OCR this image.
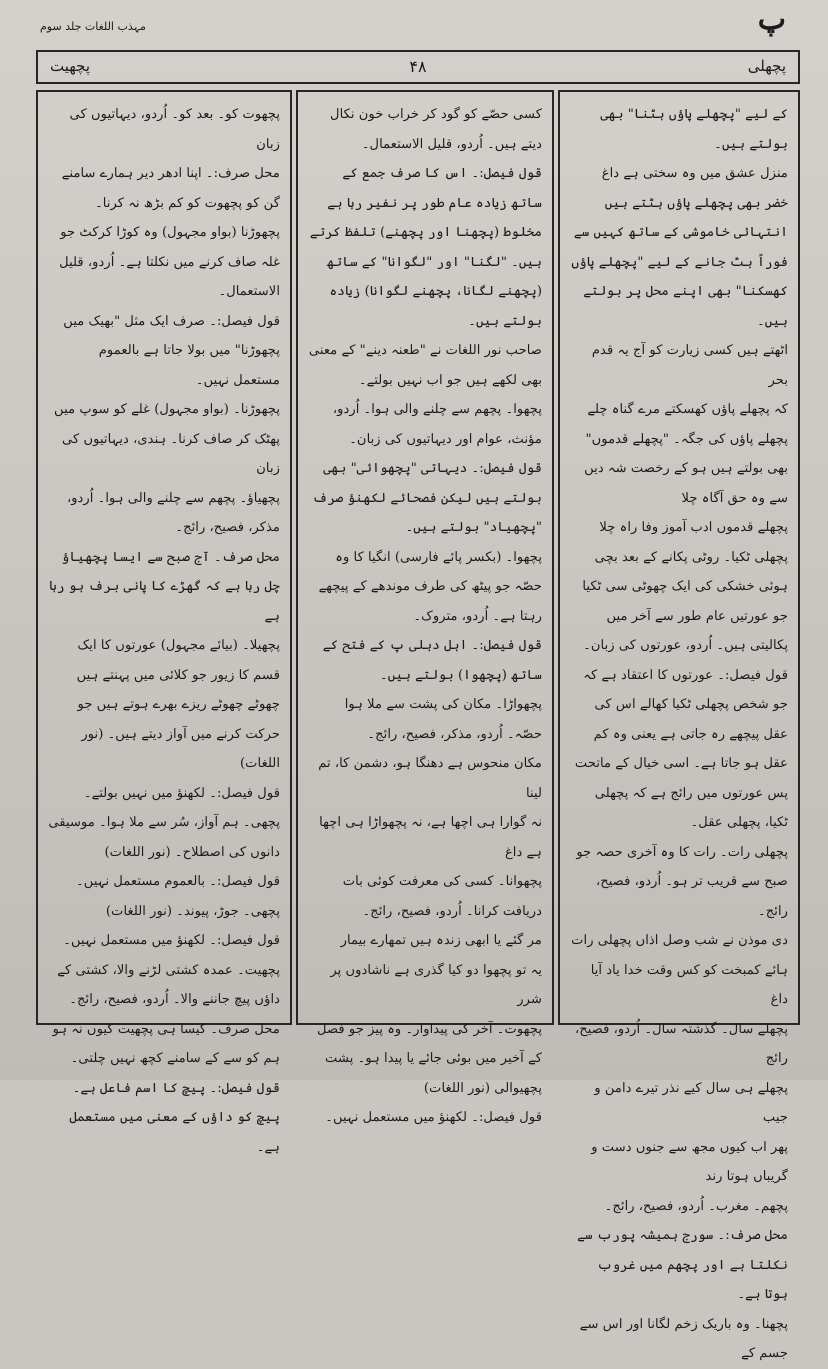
مہذب اللغات جلد سوم	پ
پچھلی
۴۸
پچھیت

کے لیے "پچھلے پاؤں ہٹنا" بھی بولتے ہیں۔

منزل عشق میں وہ سختی ہے داغ

خضر بھی پچھلے پاؤں ہٹتے ہیں

انتہائی خاموشی کے ساتھ کہیں سے فوراً ہٹ جانے کے لیے "پچھلے پاؤں کھسکنا" بھی اپنے محل پر بولتے ہیں۔

اٹھتے ہیں کسی زیارت کو آج یہ قدم بحر

کہ پچھلے پاؤں کھسکتے مرے گناہ چلے

پچھلے پاؤں کی جگہ۔ "پچھلے قدموں" بھی بولتے ہیں ہو کے رخصت شہ دیں سے وہ حق آگاہ چلا

پچھلے قدموں ادب آموز وفا راہ چلا

پچھلی ٹکیا۔ روٹی پکانے کے بعد بچی ہوئی خشکی کی ایک چھوٹی سی ٹکیا جو عورتیں عام طور سے آخر میں پکالیتی ہیں۔ اُردو، عورتوں کی زبان۔

قول فیصل:۔ عورتوں کا اعتقاد ہے کہ جو شخص پچھلی ٹکیا کھالے اس کی عقل پیچھے رہ جاتی ہے یعنی وہ کم عقل ہو جاتا ہے۔ اسی خیال کے ماتحت پس عورتوں میں رائج ہے کہ پچھلی ٹکیا، پچھلی عقل۔

پچھلی رات۔ رات کا وہ آخری حصہ جو صبح سے قریب تر ہو۔ اُردو، فصیح، رائج۔

دی موذن نے شب وصل اذاں پچھلی رات

ہائے کمبخت کو کس وقت خدا یاد آیا داغ

پچھلے سال۔ گذشتہ سال۔ اُردو، فصیح، رائج

پچھلے ہی سال کیے نذر تیرے دامن و جیب

پھر اب کیوں مجھ سے جنوں دست و گریباں ہوتا رند

پچھم۔ مغرب۔ اُردو، فصیح، رائج۔

محل صرف:۔ سورج ہمیشہ پورب سے نکلتا ہے اور پچھم میں غروب ہوتا ہے۔

پچھنا۔ وہ باریک زخم لگانا اور اس سے جسم کے

کسی حصّے کو گود کر خراب خون نکال دیتے ہیں۔ اُردو، قلیل الاستعمال۔

قول فیصل:۔ اس کا صرف جمع کے ساتھ زیادہ عام طور پر نفیر رہا ہے مخلوط (پچھنا اور پچھنے) تلفظ کرتے ہیں۔ "لگنا" اور "لگوانا" کے ساتھ (پچھنے لگانا، پچھنے لگوانا) زیادہ بولتے ہیں۔

صاحب نور اللغات نے "طعنہ دینے" کے معنی بھی لکھے ہیں جو اب نہیں بولتے۔

پچھوا۔ پچھم سے چلنے والی ہوا۔ اُردو، مؤنث، عوام اور دیہاتیوں کی زبان۔

قول فیصل:۔ دیہاتی "پچھوائی" بھی بولتے ہیں لیکن فصحائے لکھنؤ صرف "پچھیاد" بولتے ہیں۔

پچھوا۔ (بکسر پائے فارسی) انگیا کا وہ حصّہ جو پیٹھ کی طرف موندھے کے پیچھے رہتا ہے۔ اُردو، متروک۔

قول فیصل:۔ اہل دہلی پ کے فتح کے ساتھ (پچھوا) بولتے ہیں۔

پچھواڑا۔ مکان کی پشت سے ملا ہوا حصّہ۔ اُردو، مذکر، فصیح، رائج۔

مکان منحوس ہے دھنگا ہو، دشمن کا، تم لینا

نہ گوارا ہی اچھا ہے، نہ پچھواڑا ہی اچھا ہے داغ

پچھوانا۔ کسی کی معرفت کوئی بات دریافت کرانا۔ اُردو، فصیح، رائج۔

مر گئے یا ابھی زندہ ہیں تمھارے بیمار

یہ تو پچھوا دو کیا گذری ہے ناشادوں پر شرر

پچھوت۔ آخر کی پیداوار۔ وہ پیز جو فصل کے آخیر میں بوئی جائے یا پیدا ہو۔ پشت پچھیوالی (نور اللغات)

قول فیصل:۔ لکھنؤ میں مستعمل نہیں۔

پچھوت کو۔ بعد کو۔ اُردو، دیہاتیوں کی زبان

محل صرف:۔ اپنا ادھر دیر ہمارے سامنے گن کو پچھوت کو کم بڑھ نہ کرنا۔

پچھوڑنا (بواو مجہول) وہ کوڑا کرکٹ جو غلہ صاف کرنے میں نکلتا ہے۔ اُردو، قلیل الاستعمال۔

قول فیصل:۔ صرف ایک مثل "بھیک میں پچھوڑنا" میں بولا جاتا ہے بالعموم مستعمل نہیں۔

پچھوڑنا۔ (بواو مجہول) غلے کو سوپ میں پھٹک کر صاف کرنا۔ ہندی، دیہاتیوں کی زبان

پچھیاؤ۔ پچھم سے چلنے والی ہوا۔ اُردو، مذکر، فصیح، رائج۔

محل صرف۔ آج صبح سے ایسا پچھیاؤ چل رہا ہے کہ گھڑے کا پانی برف ہو رہا ہے

پچھیلا۔ (بیائے مجہول) عورتوں کا ایک قسم کا زیور جو کلائی میں پہنتے ہیں چھوٹے چھوٹے ریزے بھرے ہوتے ہیں جو حرکت کرنے میں آواز دیتے ہیں۔ (نور اللغات)

قول فیصل:۔ لکھنؤ میں نہیں بولتے۔

پچھی۔ ہم آواز، سُر سے ملا ہوا۔ موسیقی دانوں کی اصطلاح۔ (نور اللغات)

قول فیصل:۔ بالعموم مستعمل نہیں۔

پچھی۔ جوڑ، پیوند۔ (نور اللغات)

قول فیصل:۔ لکھنؤ میں مستعمل نہیں۔

پچھیت۔ عمدہ کشتی لڑنے والا، کشتی کے داؤں پیچ جاننے والا۔ اُردو، فصیح، رائج۔

محل صرف۔ کیسا ہی پچھیت کیوں نہ ہو ہم کو سے کے سامنے کچھ نہیں چلتی۔

قول فیصل:۔ پیچ کا اسم فاعل ہے۔ پیچ کو داؤں کے معنی میں مستعمل ہے۔
